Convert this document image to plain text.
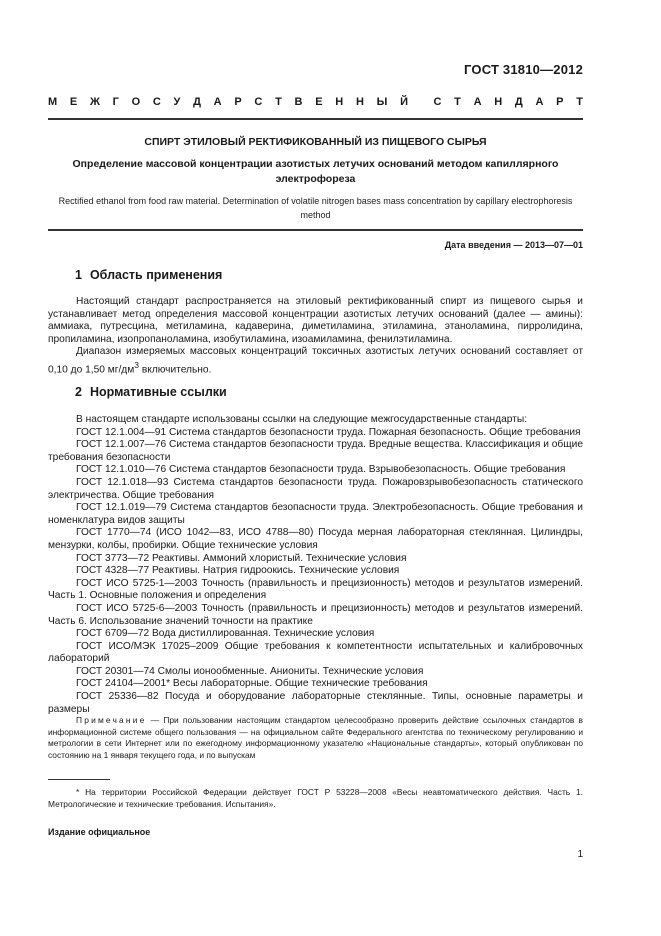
ГОСТ 31810—2012
М Е Ж Г О С У Д А Р С Т В Е Н Н Ы Й С Т А Н Д А Р Т
СПИРТ ЭТИЛОВЫЙ РЕКТИФИКОВАННЫЙ ИЗ ПИЩЕВОГО СЫРЬЯ
Определение массовой концентрации азотистых летучих оснований методом капиллярного электрофореза
Rectified ethanol from food raw material. Determination of volatile nitrogen bases mass concentration by capillary electrophoresis method
Дата введения — 2013—07—01
1 Область применения

Настоящий стандарт распространяется на этиловый ректификованный спирт из пищевого сырья и устанавливает метод определения массовой концентрации азотистых летучих оснований (далее — амины): аммиака, путресцина, метиламина, кадаверина, диметиламина, этиламина, этаноламина, пирролидина, пропиламина, изопропаноламина, изобутиламина, изоамиламина, фенилэтиламина.

Диапазон измеряемых массовых концентраций токсичных азотистых летучих оснований составляет от 0,10 до 1,50 $мг/дм^3$ включительно.

2 Нормативные ссылки

В настоящем стандарте использованы ссылки на следующие межгосударственные стандарты:

ГОСТ 12.1.004—91 Система стандартов безопасности труда. Пожарная безопасность. Общие требования

ГОСТ 12.1.007—76 Система стандартов безопасности труда. Вредные вещества. Классификация и общие требования безопасности

ГОСТ 12.1.010—76 Система стандартов безопасности труда. Взрывобезопасность. Общие требования

ГОСТ 12.1.018—93 Система стандартов безопасности труда. Пожаровзрывобезопасность статического электричества. Общие требования

ГОСТ 12.1.019—79 Система стандартов безопасности труда. Электробезопасность. Общие требования и номенклатура видов защиты

ГОСТ 1770—74 (ИСО 1042—83, ИСО 4788—80) Посуда мерная лабораторная стеклянная. Цилиндры, мензурки, колбы, пробирки. Общие технические условия

ГОСТ 3773—72 Реактивы. Аммоний хлористый. Технические условия

ГОСТ 4328—77 Реактивы. Натрия гидроокись. Технические условия

ГОСТ ИСО 5725-1—2003 Точность (правильность и прецизионность) методов и результатов измерений. Часть 1. Основные положения и определения

ГОСТ ИСО 5725-6—2003 Точность (правильность и прецизионность) методов и результатов измерений. Часть 6. Использование значений точности на практике

ГОСТ 6709—72 Вода дистиллированная. Технические условия

ГОСТ ИСО/МЭК 17025–2009 Общие требования к компетентности испытательных и калибровочных лабораторий

ГОСТ 20301—74 Смолы ионообменные. Аниониты. Технические условия

ГОСТ 24104—2001* Весы лабораторные. Общие технические требования

ГОСТ 25336—82 Посуда и оборудование лабораторные стеклянные. Типы, основные параметры и размеры

Примечание — При пользовании настоящим стандартом целесообразно проверить действие ссылочных стандартов в информационной системе общего пользования — на официальном сайте Федерального агентства по техническому регулированию и метрологии в сети Интернет или по ежегодному информационному указателю «Национальные стандарты», который опубликован по состоянию на 1 января текущего года, и по выпускам

* На территории Российской Федерации действует ГОСТ Р 53228—2008 «Весы неавтоматического действия. Часть 1. Метрологические и технические требования. Испытания».

Издание официальное
1
